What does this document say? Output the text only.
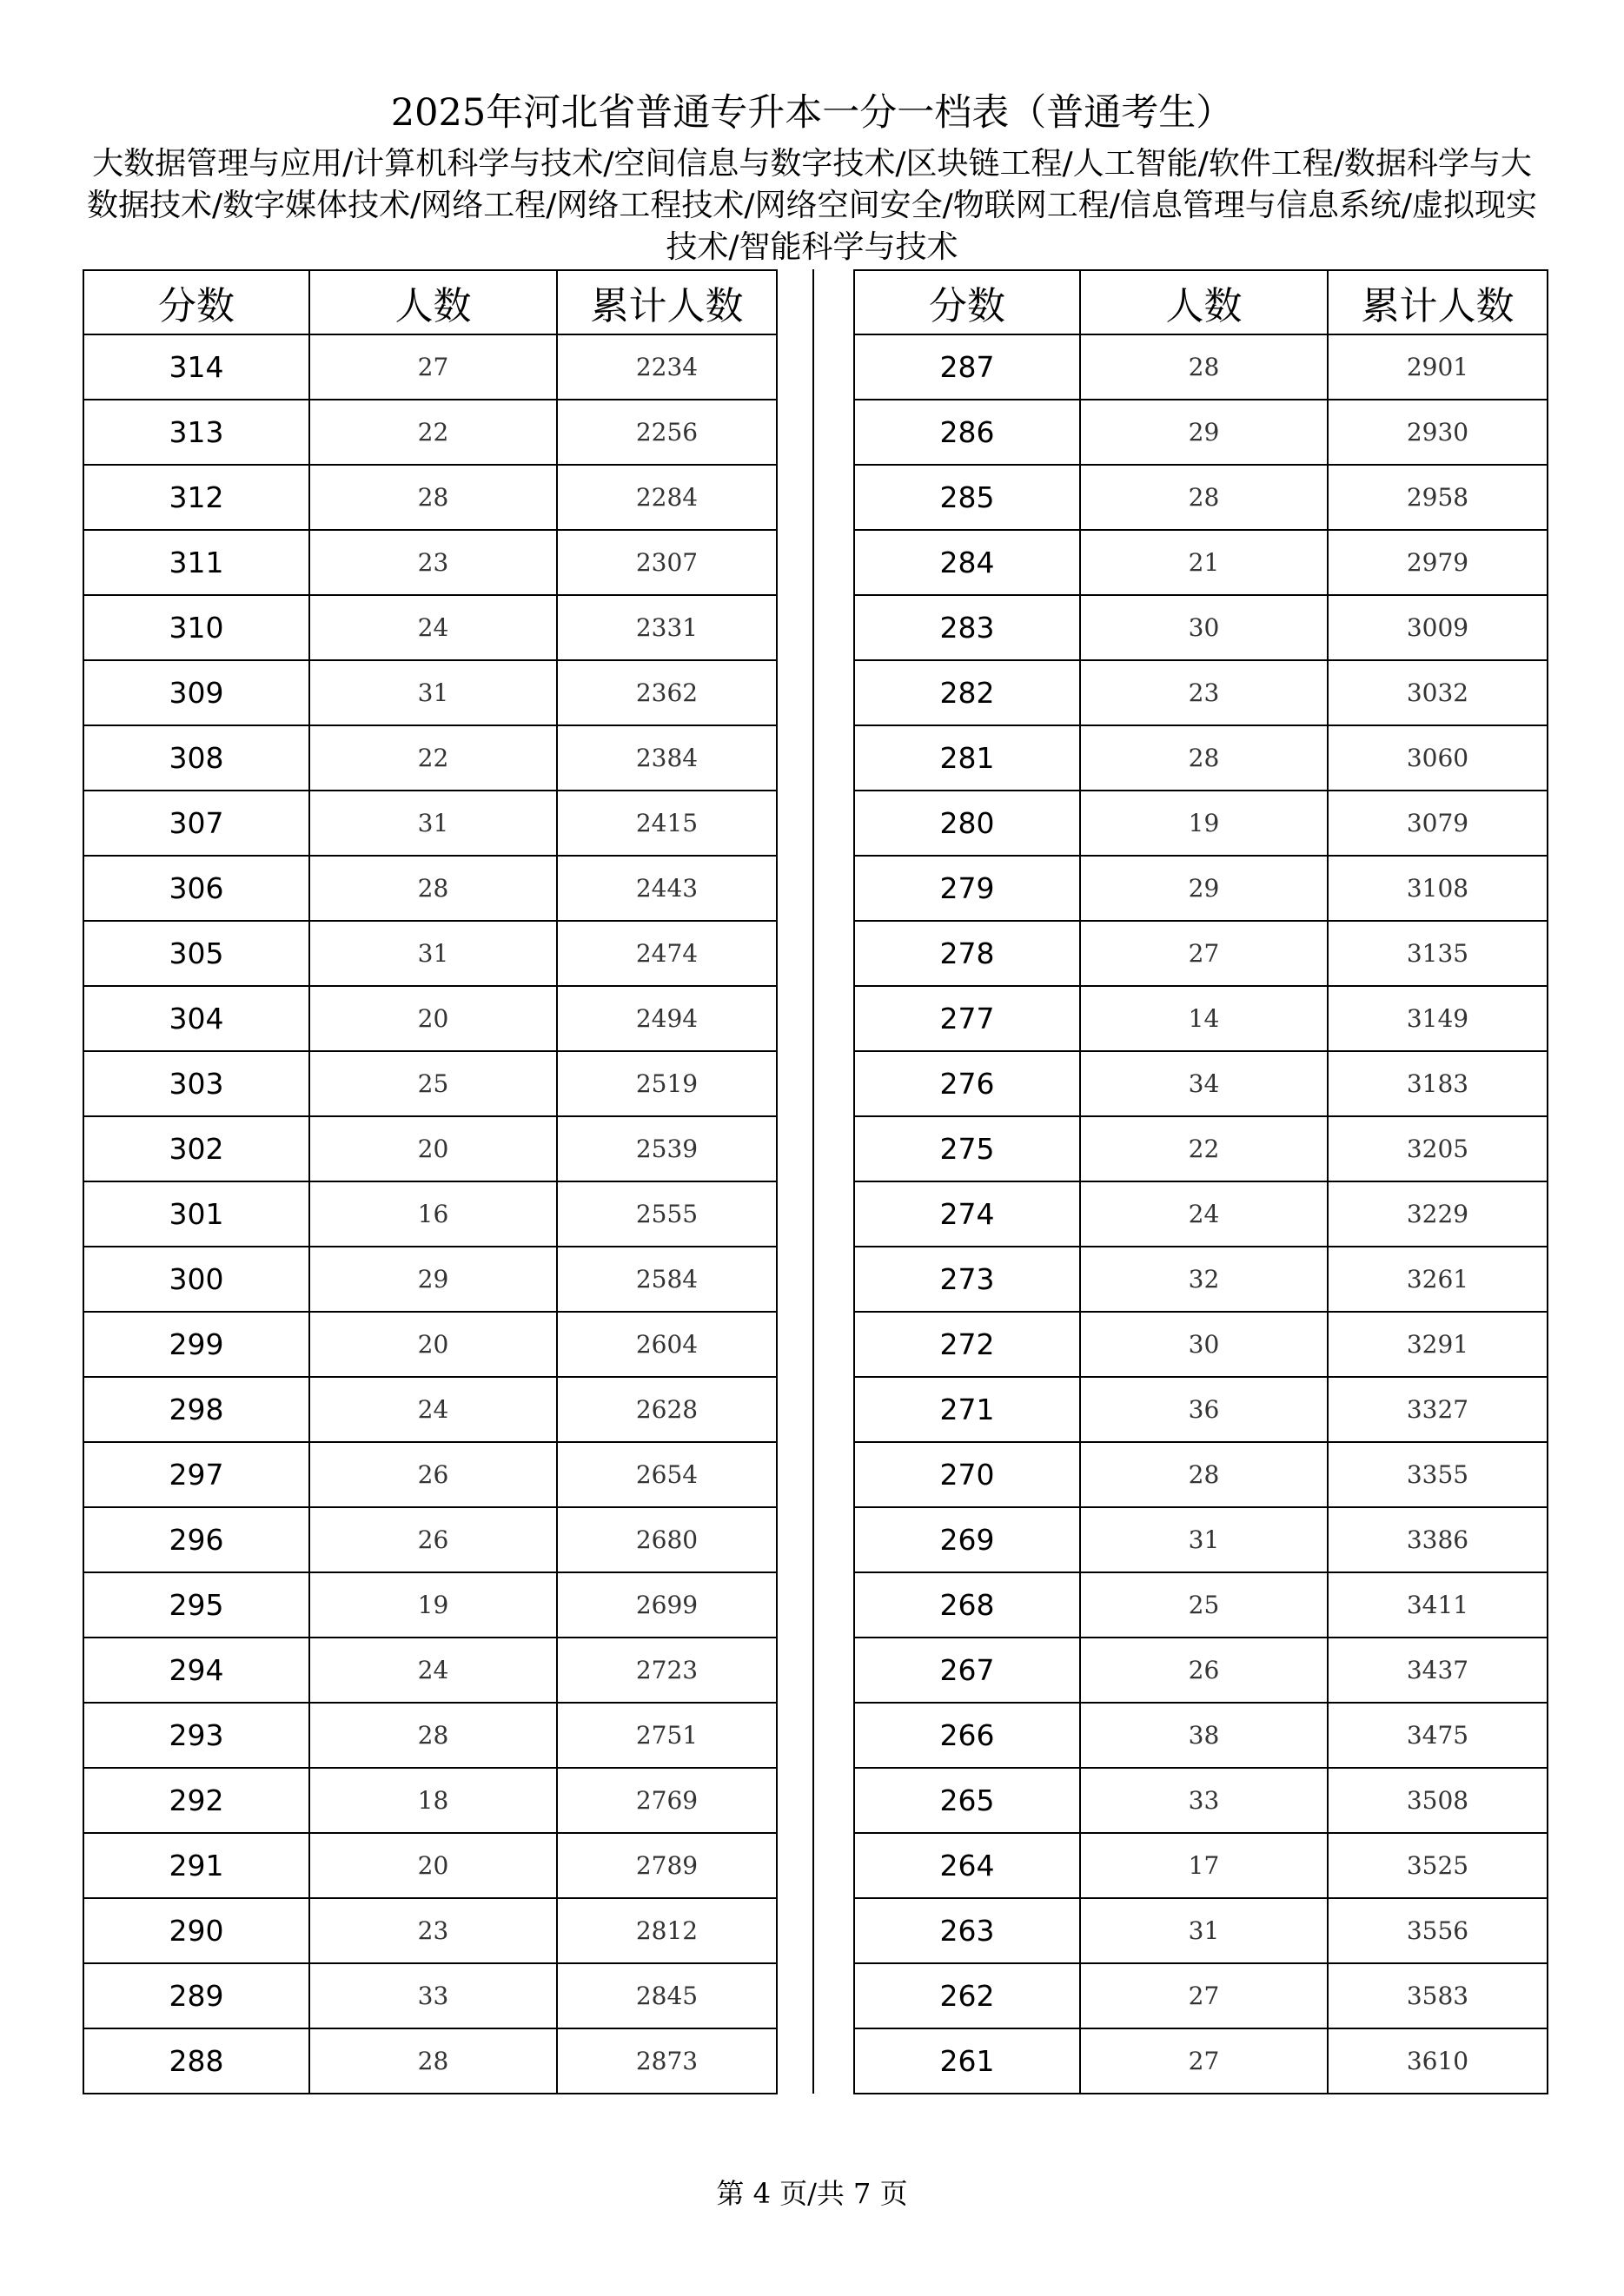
2025年河北省普通专升本一分一档表（普通考生）
大数据管理与应用/计算机科学与技术/空间信息与数字技术/区块链工程/人工智能/软件工程/数据科学与大数据技术/数字媒体技术/网络工程/网络工程技术/网络空间安全/物联网工程/信息管理与信息系统/虚拟现实技术/智能科学与技术
分数	人数	累计人数
314	27	2234
313	22	2256
312	28	2284
311	23	2307
310	24	2331
309	31	2362
308	22	2384
307	31	2415
306	28	2443
305	31	2474
304	20	2494
303	25	2519
302	20	2539
301	16	2555
300	29	2584
299	20	2604
298	24	2628
297	26	2654
296	26	2680
295	19	2699
294	24	2723
293	28	2751
292	18	2769
291	20	2789
290	23	2812
289	33	2845
288	28	2873
分数	人数	累计人数
287	28	2901
286	29	2930
285	28	2958
284	21	2979
283	30	3009
282	23	3032
281	28	3060
280	19	3079
279	29	3108
278	27	3135
277	14	3149
276	34	3183
275	22	3205
274	24	3229
273	32	3261
272	30	3291
271	36	3327
270	28	3355
269	31	3386
268	25	3411
267	26	3437
266	38	3475
265	33	3508
264	17	3525
263	31	3556
262	27	3583
261	27	3610
第 4 页/共 7 页
